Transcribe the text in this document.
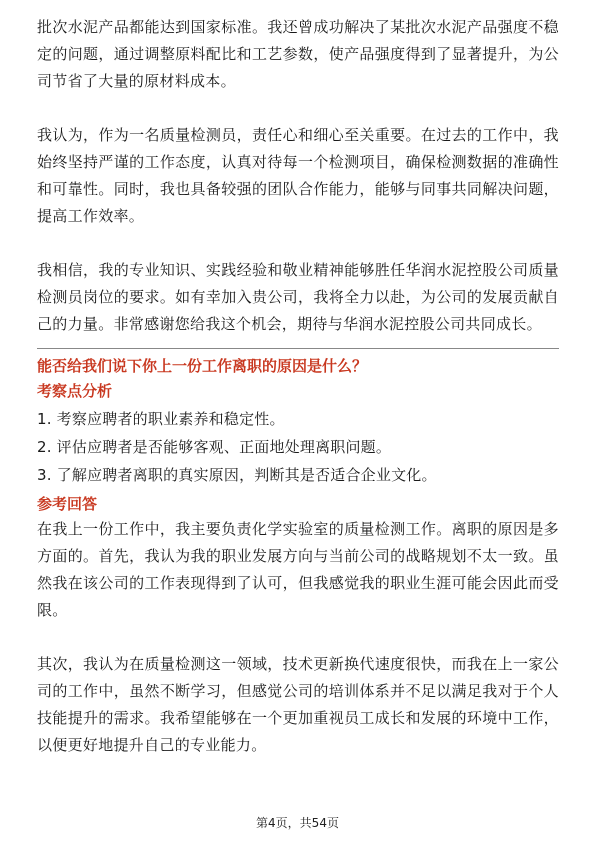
批次水泥产品都能达到国家标准。我还曾成功解决了某批次水泥产品强度不稳定的问题，通过调整原料配比和工艺参数，使产品强度得到了显著提升，为公司节省了大量的原材料成本。

我认为，作为一名质量检测员，责任心和细心至关重要。在过去的工作中，我始终坚持严谨的工作态度，认真对待每一个检测项目，确保检测数据的准确性和可靠性。同时，我也具备较强的团队合作能力，能够与同事共同解决问题，提高工作效率。

我相信，我的专业知识、实践经验和敬业精神能够胜任华润水泥控股公司质量检测员岗位的要求。如有幸加入贵公司，我将全力以赴，为公司的发展贡献自己的力量。非常感谢您给我这个机会，期待与华润水泥控股公司共同成长。

能否给我们说下你上一份工作离职的原因是什么？

考察点分析

1. 考察应聘者的职业素养和稳定性。
2. 评估应聘者是否能够客观、正面地处理离职问题。
3. 了解应聘者离职的真实原因，判断其是否适合企业文化。

参考回答

在我上一份工作中，我主要负责化学实验室的质量检测工作。离职的原因是多方面的。首先，我认为我的职业发展方向与当前公司的战略规划不太一致。虽然我在该公司的工作表现得到了认可，但我感觉我的职业生涯可能会因此而受限。

其次，我认为在质量检测这一领域，技术更新换代速度很快，而我在上一家公司的工作中，虽然不断学习，但感觉公司的培训体系并不足以满足我对于个人技能提升的需求。我希望能够在一个更加重视员工成长和发展的环境中工作，以便更好地提升自己的专业能力。

第4页，共54页
